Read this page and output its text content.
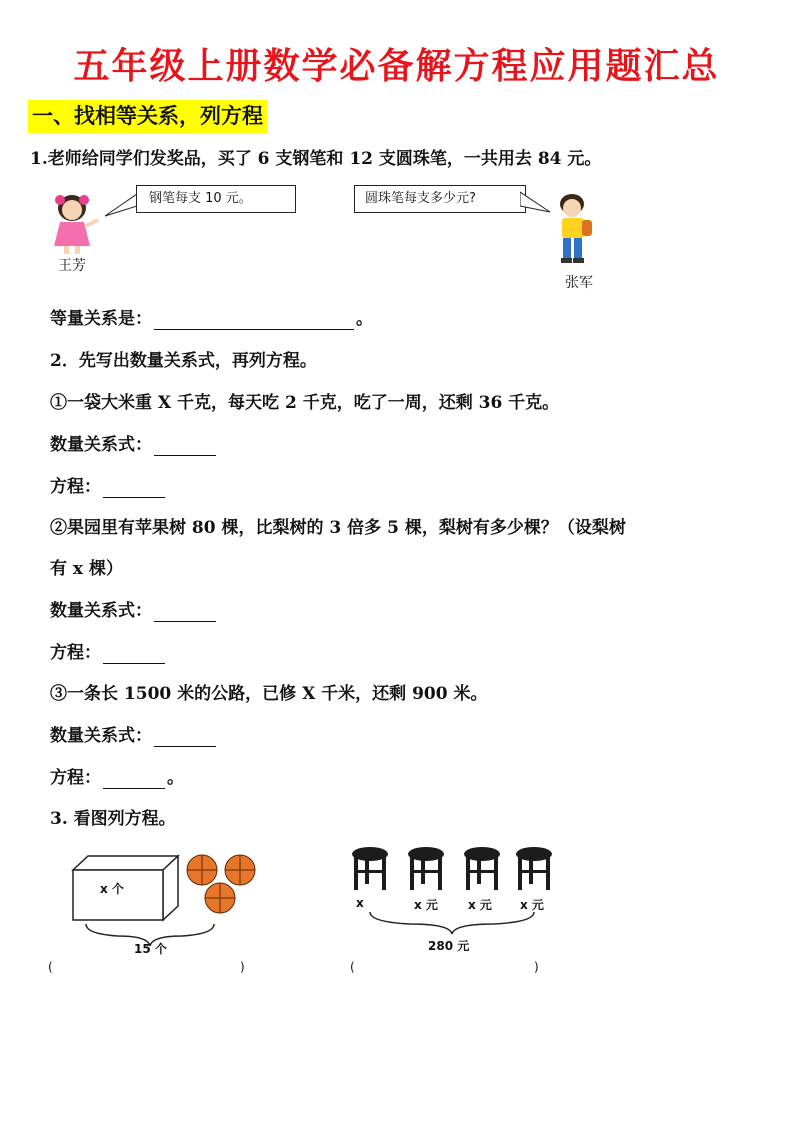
五年级上册数学必备解方程应用题汇总
一、找相等关系，列方程
1.老师给同学们发奖品，买了 6 支钢笔和 12 支圆珠笔，一共用去 84 元。
王芳
钢笔每支 10 元。	圆珠笔每支多少元?
张军
等量关系是：	。
2．先写出数量关系式，再列方程。
①一袋大米重 X 千克，每天吃 2 千克，吃了一周，还剩 36 千克。
数量关系式：
方程：
②果园里有苹果树 80 棵，比梨树的 3 倍多 5 棵，梨树有多少棵？（设梨树
有 x 棵）
数量关系式：
方程：
③一条长 1500 米的公路，已修 X 千米，还剩 900 米。
数量关系式：
方程：	。
3. 看图列方程。
x 个
15 个
(	)
x	x 元	x 元 x 元
280 元
(	)
